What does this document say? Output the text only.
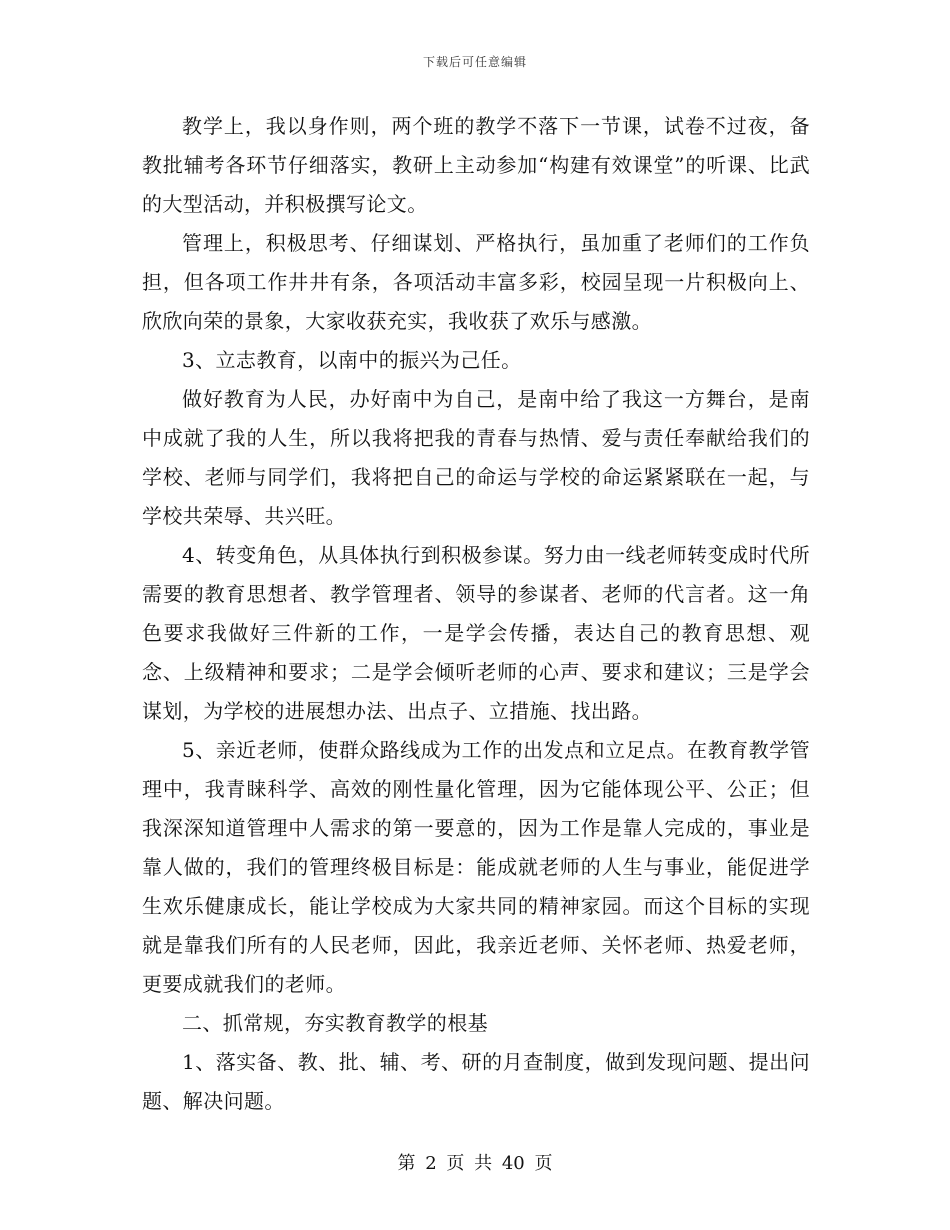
下载后可任意编辑

教学上，我以身作则，两个班的教学不落下一节课，试卷不过夜，备教批辅考各环节仔细落实，教研上主动参加“构建有效课堂”的听课、比武的大型活动，并积极撰写论文。

管理上，积极思考、仔细谋划、严格执行，虽加重了老师们的工作负担，但各项工作井井有条，各项活动丰富多彩，校园呈现一片积极向上、欣欣向荣的景象，大家收获充实，我收获了欢乐与感激。

3、立志教育，以南中的振兴为己任。

做好教育为人民，办好南中为自己，是南中给了我这一方舞台，是南中成就了我的人生，所以我将把我的青春与热情、爱与责任奉献给我们的学校、老师与同学们，我将把自己的命运与学校的命运紧紧联在一起，与学校共荣辱、共兴旺。

4、转变角色，从具体执行到积极参谋。努力由一线老师转变成时代所需要的教育思想者、教学管理者、领导的参谋者、老师的代言者。这一角色要求我做好三件新的工作，一是学会传播，表达自己的教育思想、观念、上级精神和要求；二是学会倾听老师的心声、要求和建议；三是学会谋划，为学校的进展想办法、出点子、立措施、找出路。

5、亲近老师，使群众路线成为工作的出发点和立足点。在教育教学管理中，我青睐科学、高效的刚性量化管理，因为它能体现公平、公正；但我深深知道管理中人需求的第一要意的，因为工作是靠人完成的，事业是靠人做的，我们的管理终极目标是：能成就老师的人生与事业，能促进学生欢乐健康成长，能让学校成为大家共同的精神家园。而这个目标的实现就是靠我们所有的人民老师，因此，我亲近老师、关怀老师、热爱老师，更要成就我们的老师。

二、抓常规，夯实教育教学的根基

1、落实备、教、批、辅、考、研的月查制度，做到发现问题、提出问题、解决问题。

第 2 页 共 40 页
